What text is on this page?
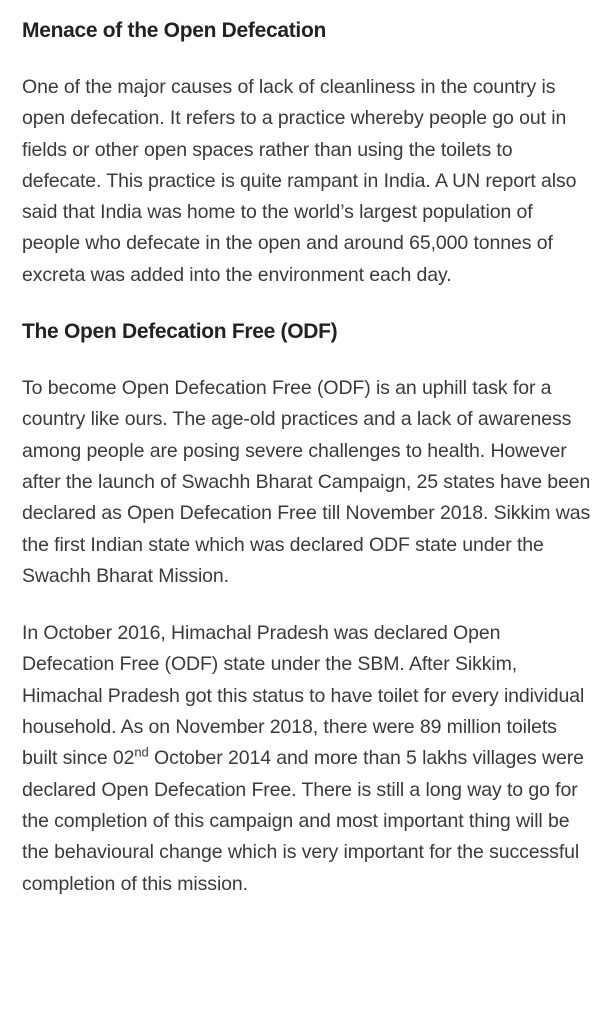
Menace of the Open Defecation

One of the major causes of lack of cleanliness in the country is open defecation. It refers to a practice whereby people go out in fields or other open spaces rather than using the toilets to defecate. This practice is quite rampant in India. A UN report also said that India was home to the world’s largest population of people who defecate in the open and around 65,000 tonnes of excreta was added into the environment each day.

The Open Defecation Free (ODF)

To become Open Defecation Free (ODF) is an uphill task for a country like ours. The age-old practices and a lack of awareness among people are posing severe challenges to health. However after the launch of Swachh Bharat Campaign, 25 states have been declared as Open Defecation Free till November 2018. Sikkim was the first Indian state which was declared ODF state under the Swachh Bharat Mission.

In October 2016, Himachal Pradesh was declared Open Defecation Free (ODF) state under the SBM. After Sikkim, Himachal Pradesh got this status to have toilet for every individual household. As on November 2018, there were 89 million toilets built since 02nd October 2014 and more than 5 lakhs villages were declared Open Defecation Free. There is still a long way to go for the completion of this campaign and most important thing will be the behavioural change which is very important for the successful completion of this mission.
